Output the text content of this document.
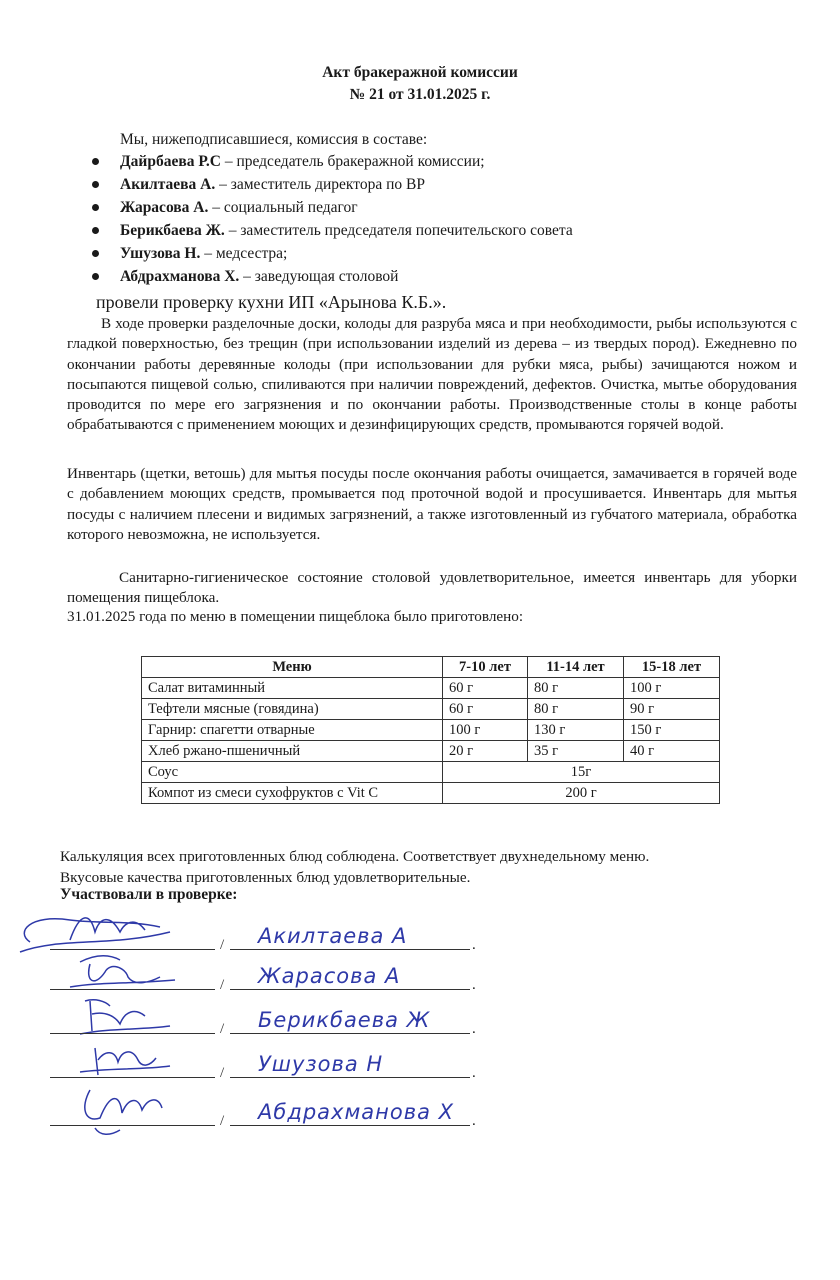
Акт бракеражной комиссии
№ 21 от 31.01.2025 г.
Мы, нижеподписавшиеся, комиссия в составе:
Дайрбаева Р.С – председатель бракеражной комиссии;
Акилтаева А. – заместитель директора по ВР
Жарасова А. – социальный педагог
Берикбаева Ж. – заместитель председателя попечительского совета
Ушузова Н. – медсестра;
Абдрахманова Х. – заведующая столовой
провели проверку кухни ИП «Арынова К.Б.».
В ходе проверки разделочные доски, колоды для разруба мяса и при необходимости, рыбы используются с гладкой поверхностью, без трещин (при использовании изделий из дерева – из твердых пород). Ежедневно по окончании работы деревянные колоды (при использовании для рубки мяса, рыбы) зачищаются ножом и посыпаются пищевой солью, спиливаются при наличии повреждений, дефектов. Очистка, мытье оборудования проводится по мере его загрязнения и по окончании работы. Производственные столы в конце работы обрабатываются с применением моющих и дезинфицирующих средств, промываются горячей водой.
Инвентарь (щетки, ветошь) для мытья посуды после окончания работы очищается, замачивается в горячей воде с добавлением моющих средств, промывается под проточной водой и просушивается. Инвентарь для мытья посуды с наличием плесени и видимых загрязнений, а также изготовленный из губчатого материала, обработка которого невозможна, не используется.
Санитарно-гигиеническое состояние столовой удовлетворительное, имеется инвентарь для уборки помещения пищеблока.
31.01.2025 года по меню в помещении пищеблока было приготовлено:
Меню	7-10 лет	11-14 лет	15-18 лет
Салат витаминный	60 г	80 г	100 г
Тефтели мясные (говядина)	60 г	80 г	90 г
Гарнир: спагетти отварные	100 г	130 г	150 г
Хлеб ржано-пшеничный	20 г	35 г	40 г
Соус	15г		
Компот из смеси сухофруктов с Vit C	200 г		
Калькуляция всех приготовленных блюд соблюдена. Соответствует двухнедельному меню.
Вкусовые качества приготовленных блюд удовлетворительные.
Участвовали в проверке:
/ Акилтаева А	.
/ Жарасова А	.
/ Берикбаева Ж	.
/ Ушузова Н	.
/ Абдрахманова Х .
